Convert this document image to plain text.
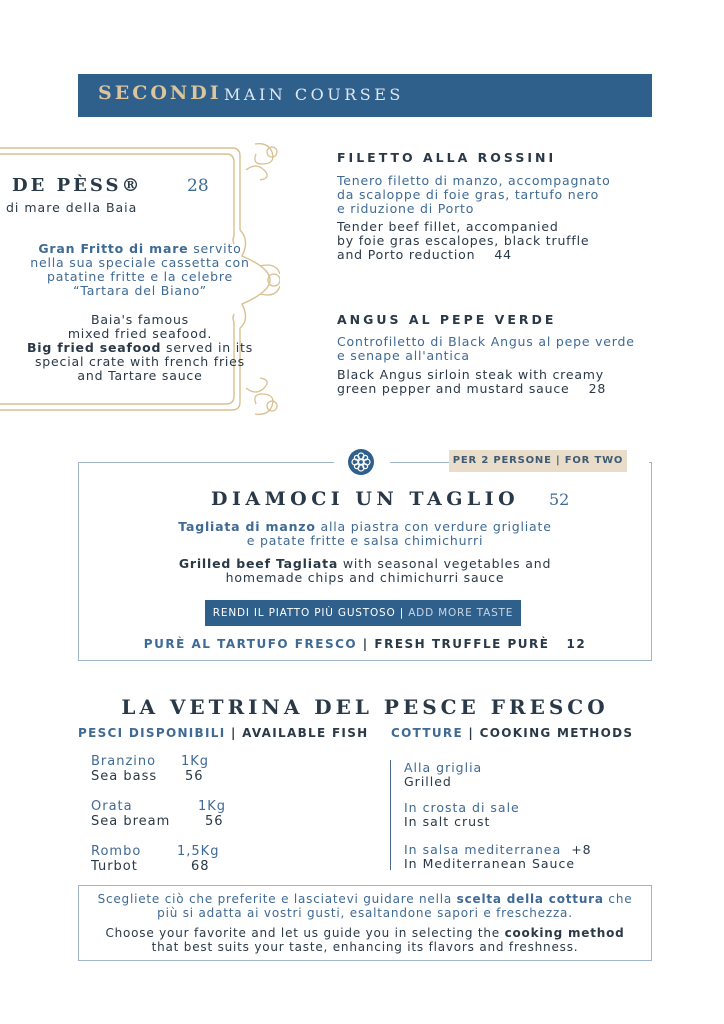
SECONDI MAIN COURSES
DE PÈSS®	28
di mare della Baia
Gran Fritto di mare servito
nella sua speciale cassetta con
patatine fritte e la celebre
“Tartara del Biano”
Baia's famous
mixed fried seafood.
Big fried seafood served in its
special crate with french fries
and Tartare sauce
FILETTO ALLA ROSSINI
Tenero filetto di manzo, accompagnato
da scaloppe di foie gras, tartufo nero
e riduzione di Porto
Tender beef fillet, accompanied
by foie gras escalopes, black truffle
and Porto reduction 44
ANGUS AL PEPE VERDE
Controfiletto di Black Angus al pepe verde
e senape all'antica
Black Angus sirloin steak with creamy
green pepper and mustard sauce 28
PER 2 PERSONE | FOR TWO
DIAMOCI UN TAGLIO 52
Tagliata di manzo alla piastra con verdure grigliate
e patate fritte e salsa chimichurri
Grilled beef Tagliata with seasonal vegetables and
homemade chips and chimichurri sauce
RENDI IL PIATTO PIÙ GUSTOSO | ADD MORE TASTE
PURÈ AL TARTUFO FRESCO | FRESH TRUFFLE PURÈ 12
LA VETRINA DEL PESCE FRESCO
PESCI DISPONIBILI | AVAILABLE FISH COTTURE | COOKING METHODS
Branzino 1Kg
Sea bass	56
Orata	1Kg
Sea bream	56
Rombo	1,5Kg
Turbot	68
Alla griglia
Grilled
In crosta di sale
In salt crust
In salsa mediterranea +8
In Mediterranean Sauce
Scegliete ciò che preferite e lasciatevi guidare nella scelta della cottura che
più si adatta ai vostri gusti, esaltandone sapori e freschezza.
Choose your favorite and let us guide you in selecting the cooking method
that best suits your taste, enhancing its flavors and freshness.
